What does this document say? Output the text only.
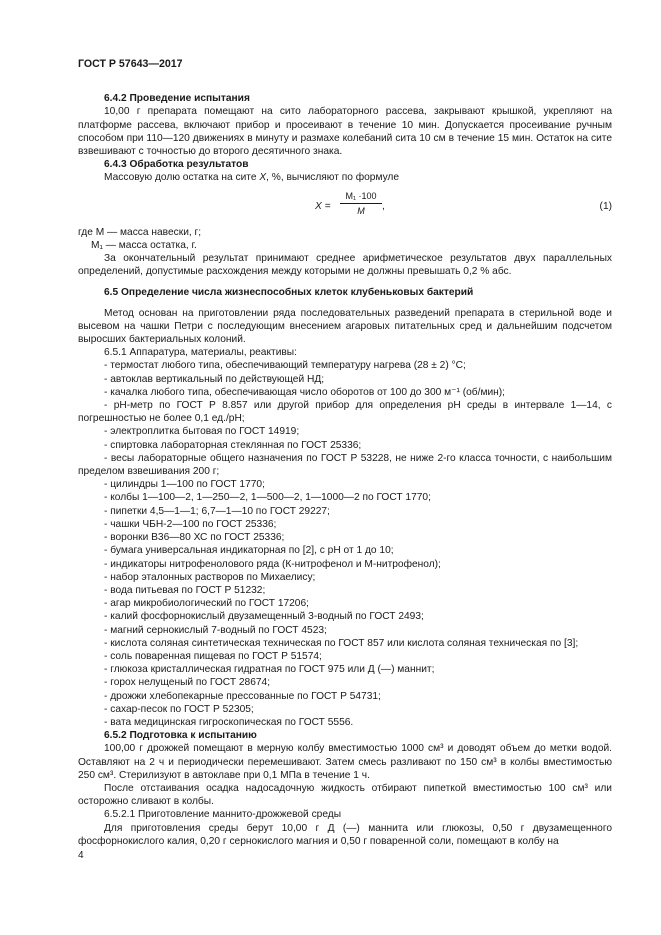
ГОСТ Р 57643—2017
6.4.2 Проведение испытания
10,00 г препарата помещают на сито лабораторного рассева, закрывают крышкой, укрепляют на платформе рассева, включают прибор и просеивают в течение 10 мин. Допускается просеивание ручным способом при 110—120 движениях в минуту и размахе колебаний сита 10 см в течение 15 мин. Остаток на сите взвешивают с точностью до второго десятичного знака.
6.4.3 Обработка результатов
Массовую долю остатка на сите X, %, вычисляют по формуле
X =
M₁ ·100
M	,	(1)
где M — масса навески, г;
M₁ — масса остатка, г.
За окончательный результат принимают среднее арифметическое результатов двух параллельных определений, допустимые расхождения между которыми не должны превышать 0,2 % абс.
6.5 Определение числа жизнеспособных клеток клубеньковых бактерий
Метод основан на приготовлении ряда последовательных разведений препарата в стерильной воде и высевом на чашки Петри с последующим внесением агаровых питательных сред и дальнейшим подсчетом выросших бактериальных колоний.
6.5.1 Аппаратура, материалы, реактивы:
- термостат любого типа, обеспечивающий температуру нагрева (28 ± 2) °С;
- автоклав вертикальный по действующей НД;
- качалка любого типа, обеспечивающая число оборотов от 100 до 300 м⁻¹ (об/мин);
- рН-метр по ГОСТ Р 8.857 или другой прибор для определения рН среды в интервале 1—14, с погрешностью не более 0,1 ед./рН;
- электроплитка бытовая по ГОСТ 14919;
- спиртовка лабораторная стеклянная по ГОСТ 25336;
- весы лабораторные общего назначения по ГОСТ Р 53228, не ниже 2-го класса точности, с наибольшим пределом взвешивания 200 г;
- цилиндры 1—100 по ГОСТ 1770;
- колбы 1—100—2, 1—250—2, 1—500—2, 1—1000—2 по ГОСТ 1770;
- пипетки 4,5—1—1; 6,7—1—10 по ГОСТ 29227;
- чашки ЧБН-2—100 по ГОСТ 25336;
- воронки В36—80 ХС по ГОСТ 25336;
- бумага универсальная индикаторная по [2], с рН от 1 до 10;
- индикаторы нитрофенолового ряда (К-нитрофенол и М-нитрофенол);
- набор эталонных растворов по Михаелису;
- вода питьевая по ГОСТ Р 51232;
- агар микробиологический по ГОСТ 17206;
- калий фосфорнокислый двузамещенный 3-водный по ГОСТ 2493;
- магний сернокислый 7-водный по ГОСТ 4523;
- кислота соляная синтетическая техническая по ГОСТ 857 или кислота соляная техническая по [3];
- соль поваренная пищевая по ГОСТ Р 51574;
- глюкоза кристаллическая гидратная по ГОСТ 975 или Д (—) маннит;
- горох нелущеный по ГОСТ 28674;
- дрожжи хлебопекарные прессованные по ГОСТ Р 54731;
- сахар-песок по ГОСТ Р 52305;
- вата медицинская гигроскопическая по ГОСТ 5556.
6.5.2 Подготовка к испытанию
100,00 г дрожжей помещают в мерную колбу вместимостью 1000 см³ и доводят объем до метки водой. Оставляют на 2 ч и периодически перемешивают. Затем смесь разливают по 150 см³ в колбы вместимостью 250 см³. Стерилизуют в автоклаве при 0,1 МПа в течение 1 ч.
После отстаивания осадка надосадочную жидкость отбирают пипеткой вместимостью 100 см³ или осторожно сливают в колбы.
6.5.2.1 Приготовление маннито-дрожжевой среды
Для приготовления среды берут 10,00 г Д (—) маннита или глюкозы, 0,50 г двузамещенного фосфорнокислого калия, 0,20 г сернокислого магния и 0,50 г поваренной соли, помещают в колбу на
4
